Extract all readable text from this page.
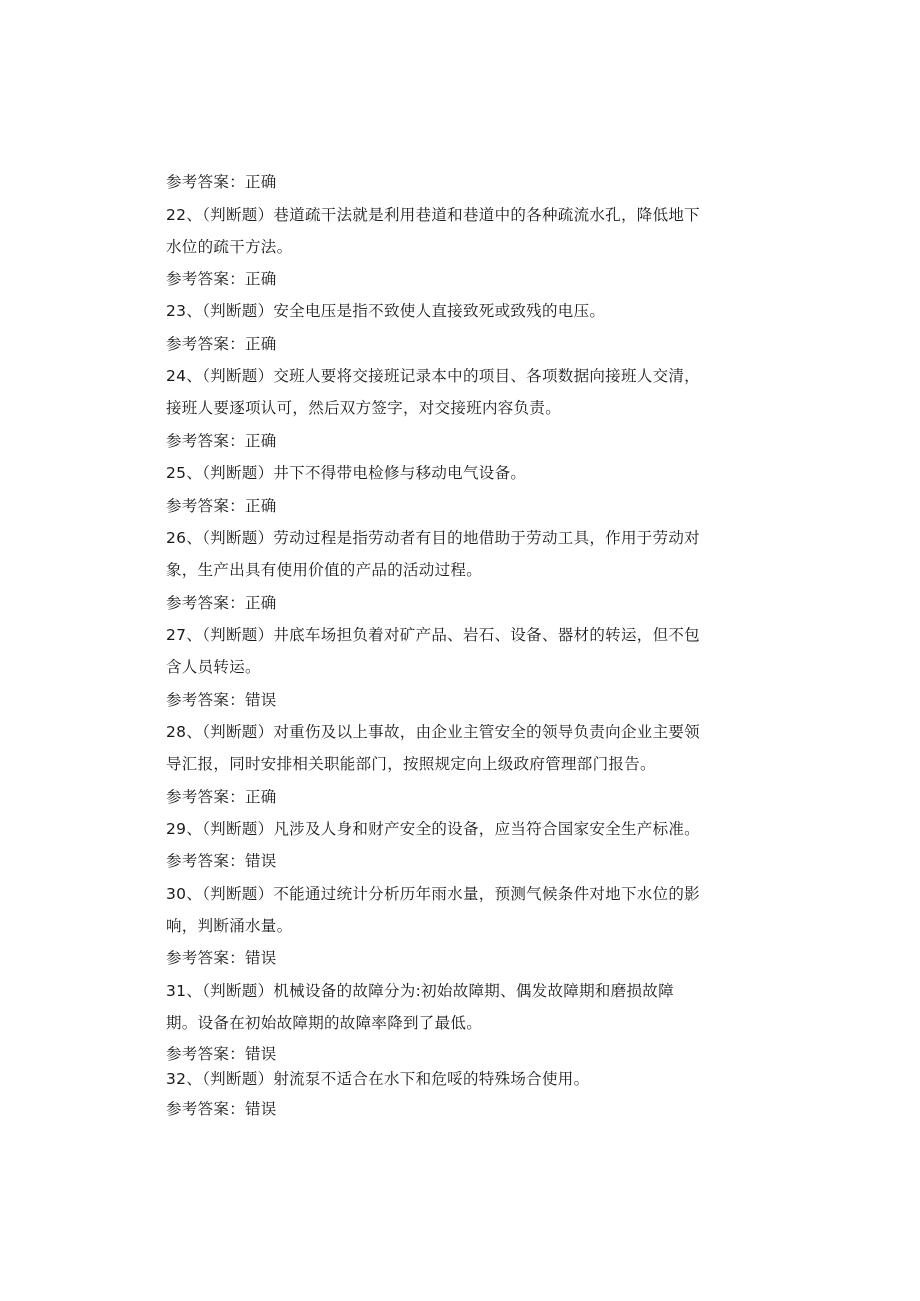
参考答案：正确
22、（判断题）巷道疏干法就是利用巷道和巷道中的各种疏流水孔，降低地下
水位的疏干方法。
参考答案：正确
23、（判断题）安全电压是指不致使人直接致死或致残的电压。
参考答案：正确
24、（判断题）交班人要将交接班记录本中的项目、各项数据向接班人交清，
接班人要逐项认可，然后双方签字，对交接班内容负责。
参考答案：正确
25、（判断题）井下不得带电检修与移动电气设备。
参考答案：正确
26、（判断题）劳动过程是指劳动者有目的地借助于劳动工具，作用于劳动对
象，生产出具有使用价值的产品的活动过程。
参考答案：正确
27、（判断题）井底车场担负着对矿产品、岩石、设备、器材的转运，但不包
含人员转运。
参考答案：错误
28、（判断题）对重伤及以上事故，由企业主管安全的领导负责向企业主要领
导汇报，同时安排相关职能部门，按照规定向上级政府管理部门报告。
参考答案：正确
29、（判断题）凡涉及人身和财产安全的设备，应当符合国家安全生产标准。
参考答案：错误
30、（判断题）不能通过统计分析历年雨水量，预测气候条件对地下水位的影
响，判断涌水量。
参考答案：错误
31、（判断题）机械设备的故障分为:初始故障期、偶发故障期和磨损故障
期。设备在初始故障期的故障率降到了最低。
参考答案：错误
32、（判断题）射流泵不适合在水下和危哸的特殊场合使用。
参考答案：错误
